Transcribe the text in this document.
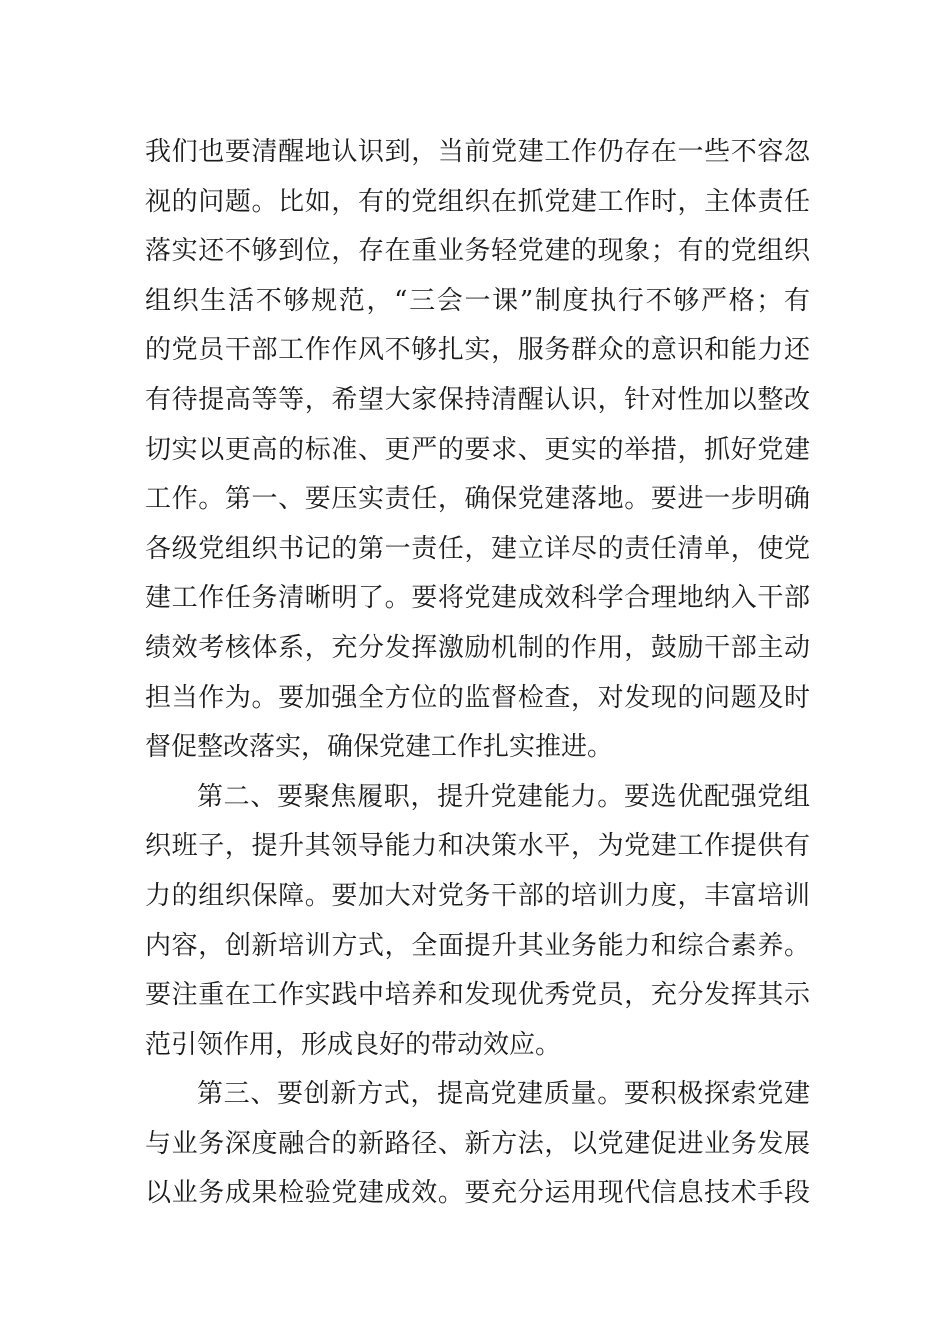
我们也要清醒地认识到，当前党建工作仍存在一些不容忽
视的问题。比如，有的党组织在抓党建工作时，主体责任
落实还不够到位，存在重业务轻党建的现象；有的党组织
组织生活不够规范，“三会一课”制度执行不够严格；有
的党员干部工作作风不够扎实，服务群众的意识和能力还
有待提高等等，希望大家保持清醒认识，针对性加以整改
切实以更高的标准、更严的要求、更实的举措，抓好党建
工作。第一、要压实责任，确保党建落地。要进一步明确
各级党组织书记的第一责任，建立详尽的责任清单，使党
建工作任务清晰明了。要将党建成效科学合理地纳入干部
绩效考核体系，充分发挥激励机制的作用，鼓励干部主动
担当作为。要加强全方位的监督检查，对发现的问题及时
督促整改落实，确保党建工作扎实推进。
第二、要聚焦履职，提升党建能力。要选优配强党组
织班子，提升其领导能力和决策水平，为党建工作提供有
力的组织保障。要加大对党务干部的培训力度，丰富培训
内容，创新培训方式，全面提升其业务能力和综合素养。
要注重在工作实践中培养和发现优秀党员，充分发挥其示
范引领作用，形成良好的带动效应。
第三、要创新方式，提高党建质量。要积极探索党建
与业务深度融合的新路径、新方法，以党建促进业务发展
以业务成果检验党建成效。要充分运用现代信息技术手段
